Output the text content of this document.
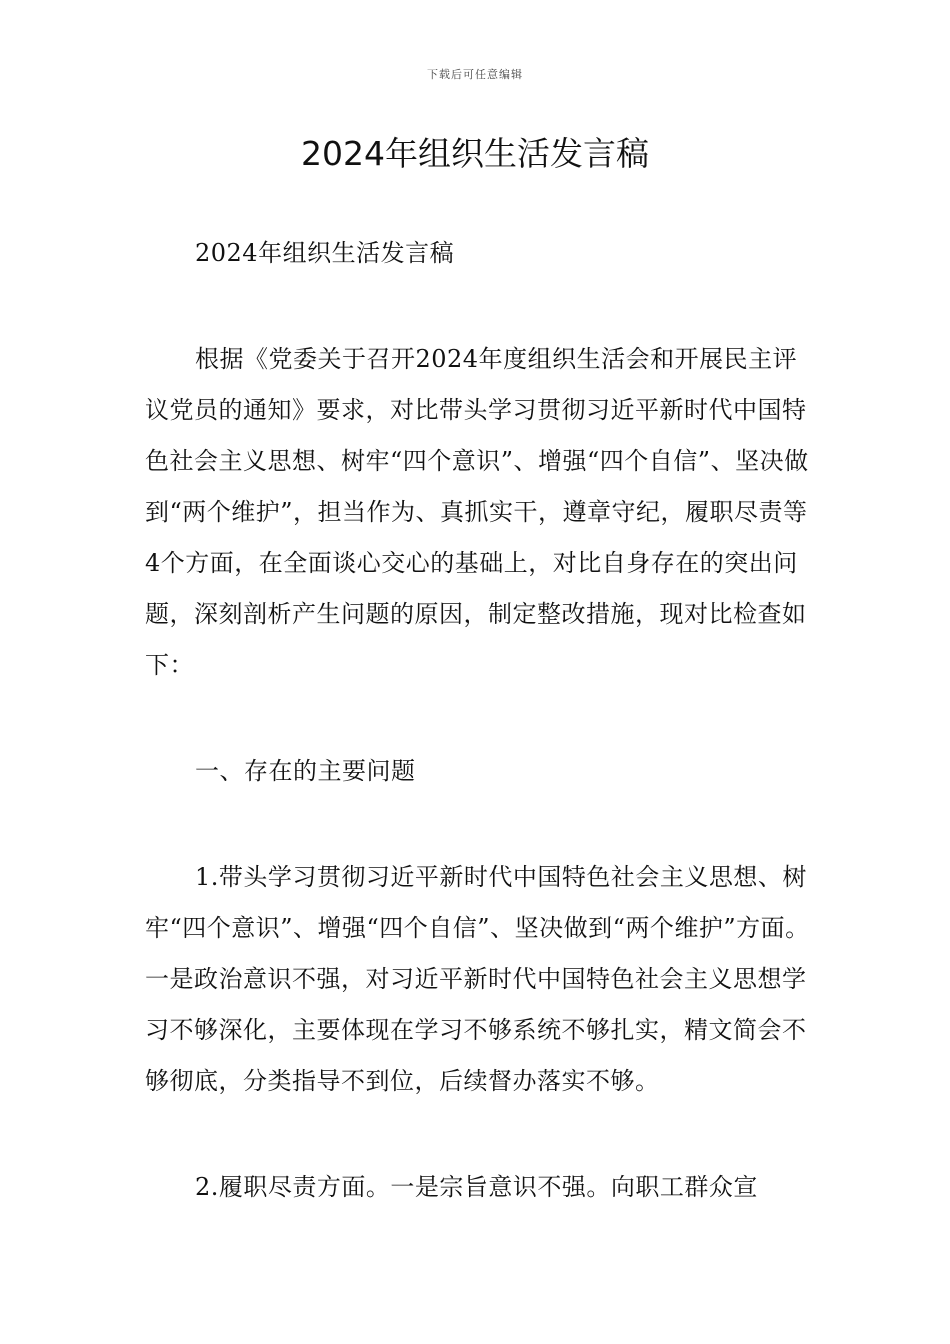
下载后可任意编辑
2024年组织生活发言稿

2024年组织生活发言稿

根据《党委关于召开2024年度组织生活会和开展民主评议党员的通知》要求，对比带头学习贯彻习近平新时代中国特色社会主义思想、树牢“四个意识”、增强“四个自信”、坚决做到“两个维护”，担当作为、真抓实干，遵章守纪，履职尽责等4个方面，在全面谈心交心的基础上，对比自身存在的突出问题，深刻剖析产生问题的原因，制定整改措施，现对比检查如下：

一、存在的主要问题

1.带头学习贯彻习近平新时代中国特色社会主义思想、树牢“四个意识”、增强“四个自信”、坚决做到“两个维护”方面。一是政治意识不强，对习近平新时代中国特色社会主义思想学习不够深化，主要体现在学习不够系统不够扎实，精文简会不够彻底，分类指导不到位，后续督办落实不够。

2.履职尽责方面。一是宗旨意识不强。向职工群众宣
